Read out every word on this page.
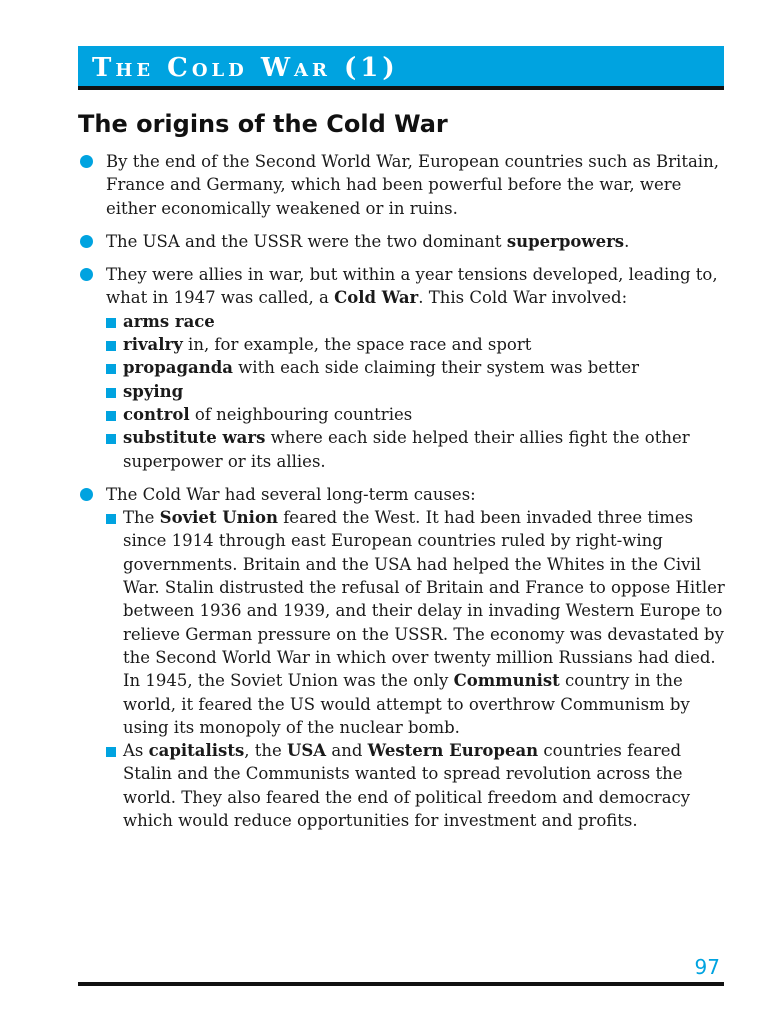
The Cold War (1)
The origins of the Cold War
By the end of the Second World War, European countries such as Britain, France and Germany, which had been powerful before the war, were either economically weakened or in ruins.
The USA and the USSR were the two dominant superpowers.
They were allies in war, but within a year tensions developed, leading to, what in 1947 was called, a Cold War. This Cold War involved:
arms race
rivalry in, for example, the space race and sport
propaganda with each side claiming their system was better
spying
control of neighbouring countries
substitute wars where each side helped their allies fight the other superpower or its allies.
The Cold War had several long-term causes:
The Soviet Union feared the West. It had been invaded three times since 1914 through east European countries ruled by right-wing governments. Britain and the USA had helped the Whites in the Civil War. Stalin distrusted the refusal of Britain and France to oppose Hitler between 1936 and 1939, and their delay in invading Western Europe to relieve German pressure on the USSR. The economy was devastated by the Second World War in which over twenty million Russians had died. In 1945, the Soviet Union was the only Communist country in the world, it feared the US would attempt to overthrow Communism by using its monopoly of the nuclear bomb.
As capitalists, the USA and Western European countries feared Stalin and the Communists wanted to spread revolution across the world. They also feared the end of political freedom and democracy which would reduce opportunities for investment and profits.
97
